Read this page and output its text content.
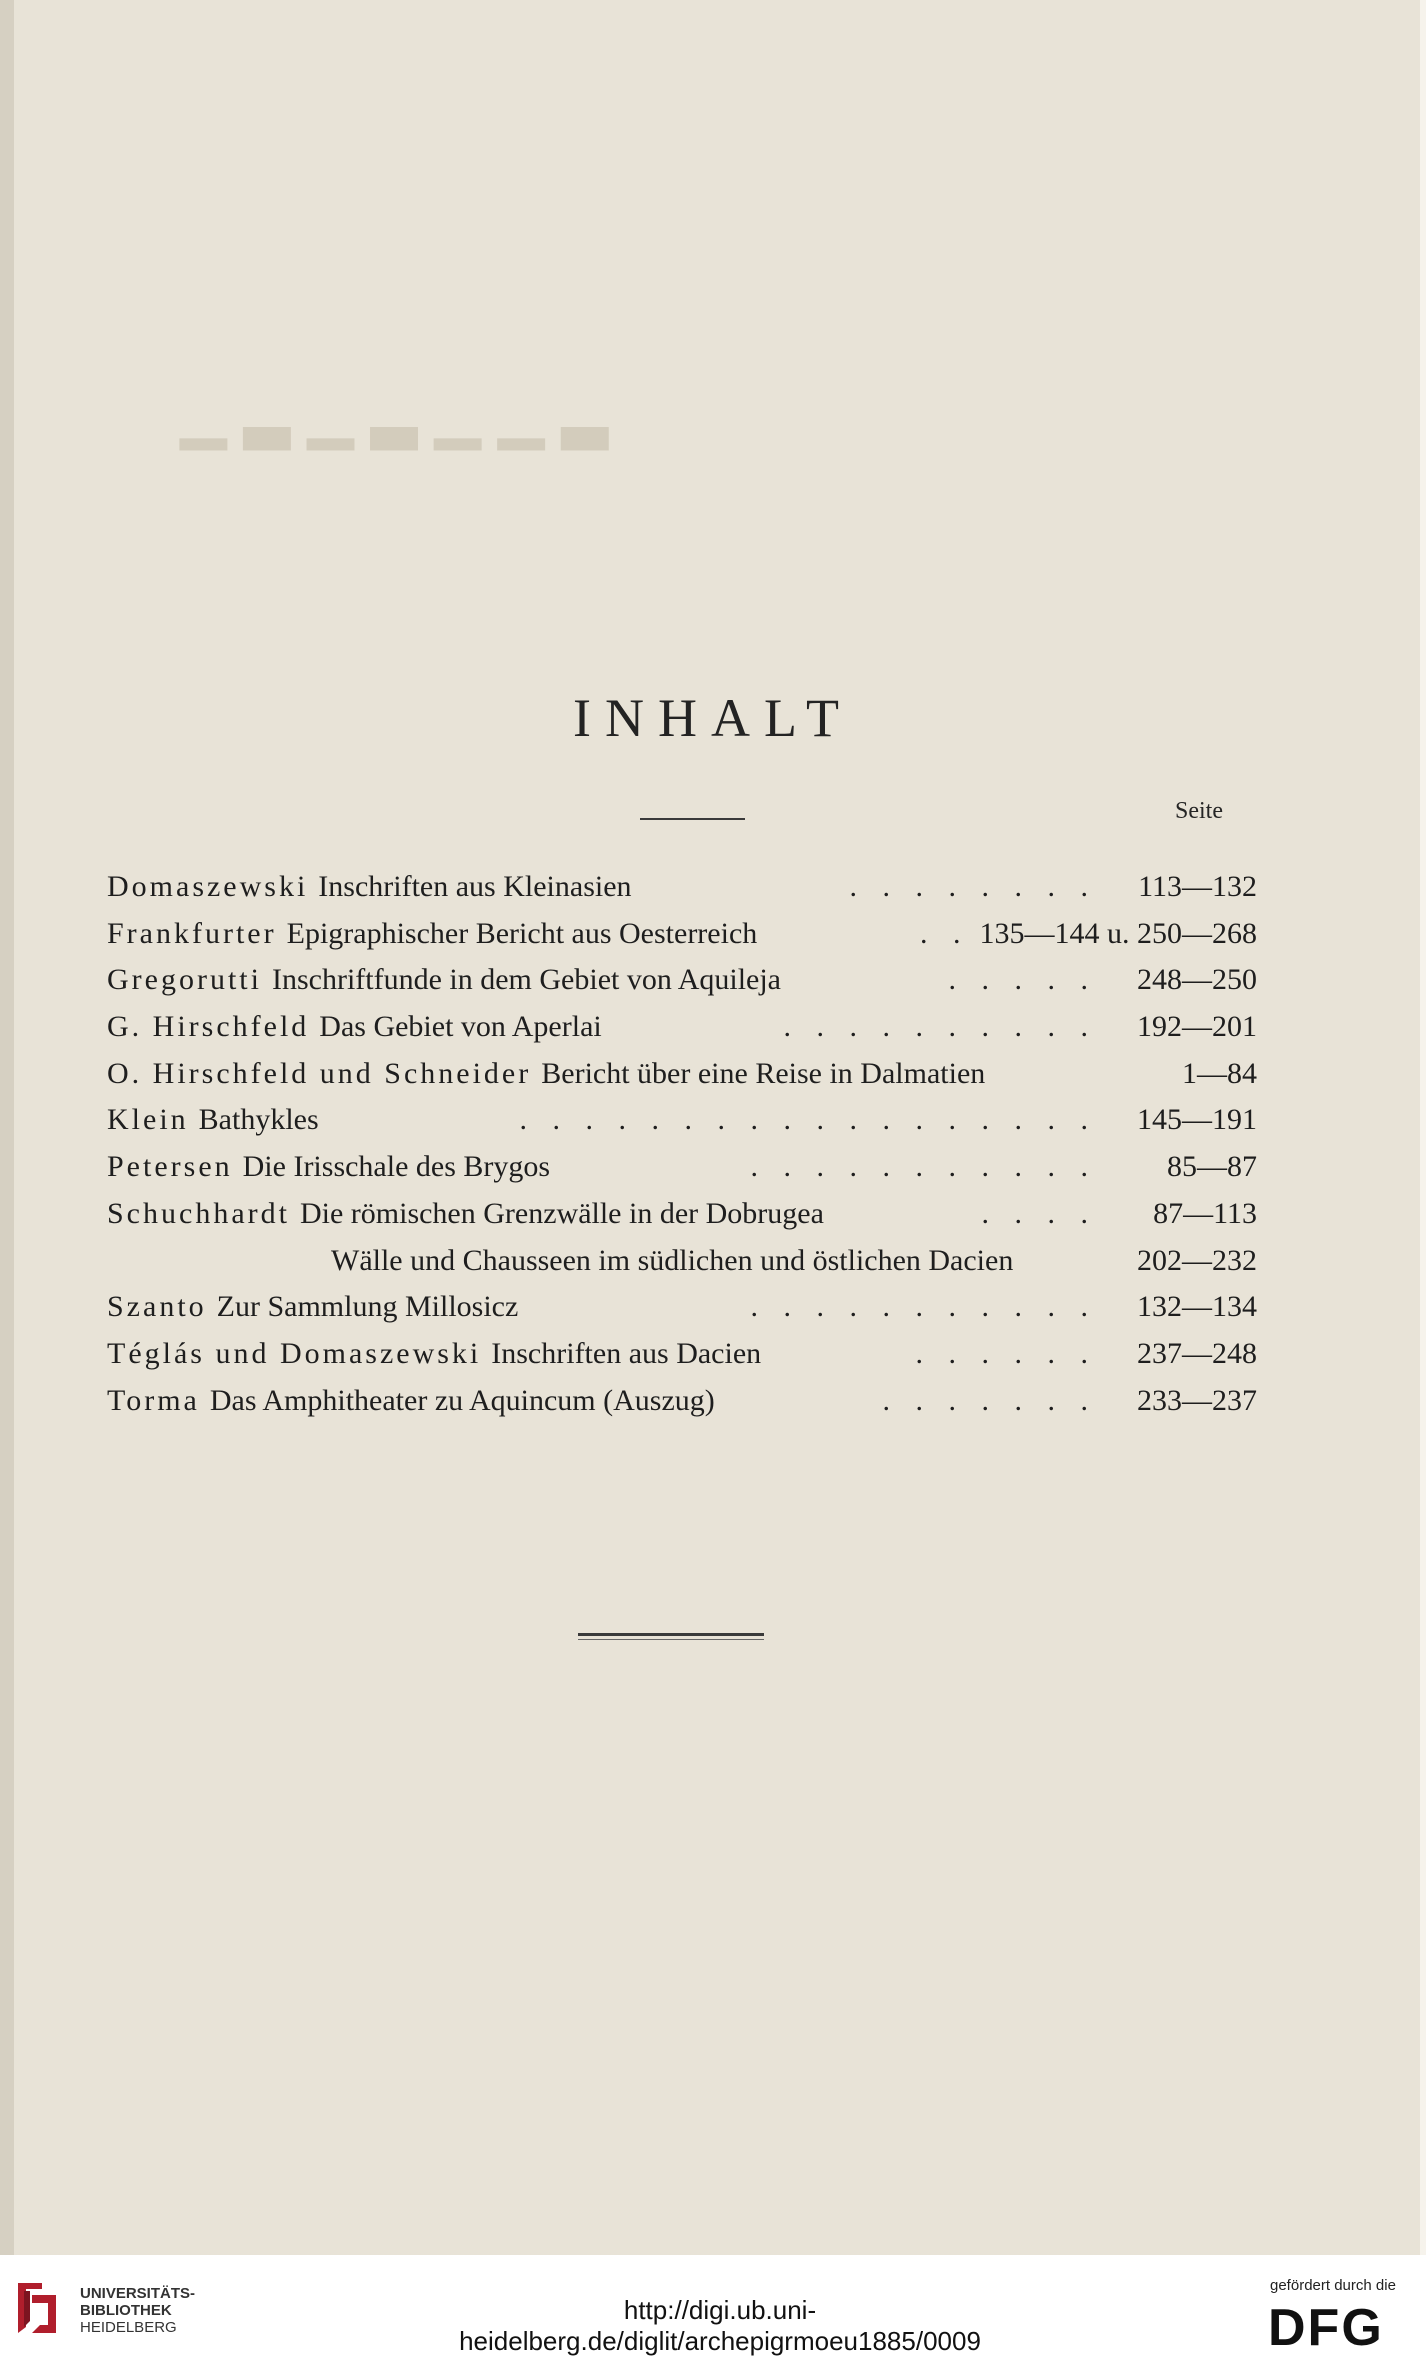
▁ ▂ ▁ ▂ ▁ ▁ ▂
INHALT
Seite
Domaszewski Inschriften aus Kleinasien	. . . . . . . .	113—132
Frankfurter Epigraphischer Bericht aus Oesterreich	. . 135—144 u. 250—268
Gregorutti Inschriftfunde in dem Gebiet von Aquileja	. . . . .	248—250
G. Hirschfeld Das Gebiet von Aperlai	. . . . . . . . . .	192—201
O. Hirschfeld und Schneider Bericht über eine Reise in Dalmatien	1—84
Klein Bathykles	. . . . . . . . . . . . . . . . . .	145—191
Petersen Die Irisschale des Brygos	. . . . . . . . . . .	85—87
Schuchhardt Die römischen Grenzwälle in der Dobrugea	. . . .	87—113
Wälle und Chausseen im südlichen und östlichen Dacien	202—232
Szanto Zur Sammlung Millosicz	. . . . . . . . . . .	132—134
Téglás und Domaszewski Inschriften aus Dacien	. . . . . .	237—248
Torma Das Amphitheater zu Aquincum (Auszug)	. . . . . . .	233—237
UNIVERSITÄTS-
BIBLIOTHEK
HEIDELBERG
http://digi.ub.uni-heidelberg.de/diglit/archepigrmoeu1885/0009
gefördert durch die
DFG
